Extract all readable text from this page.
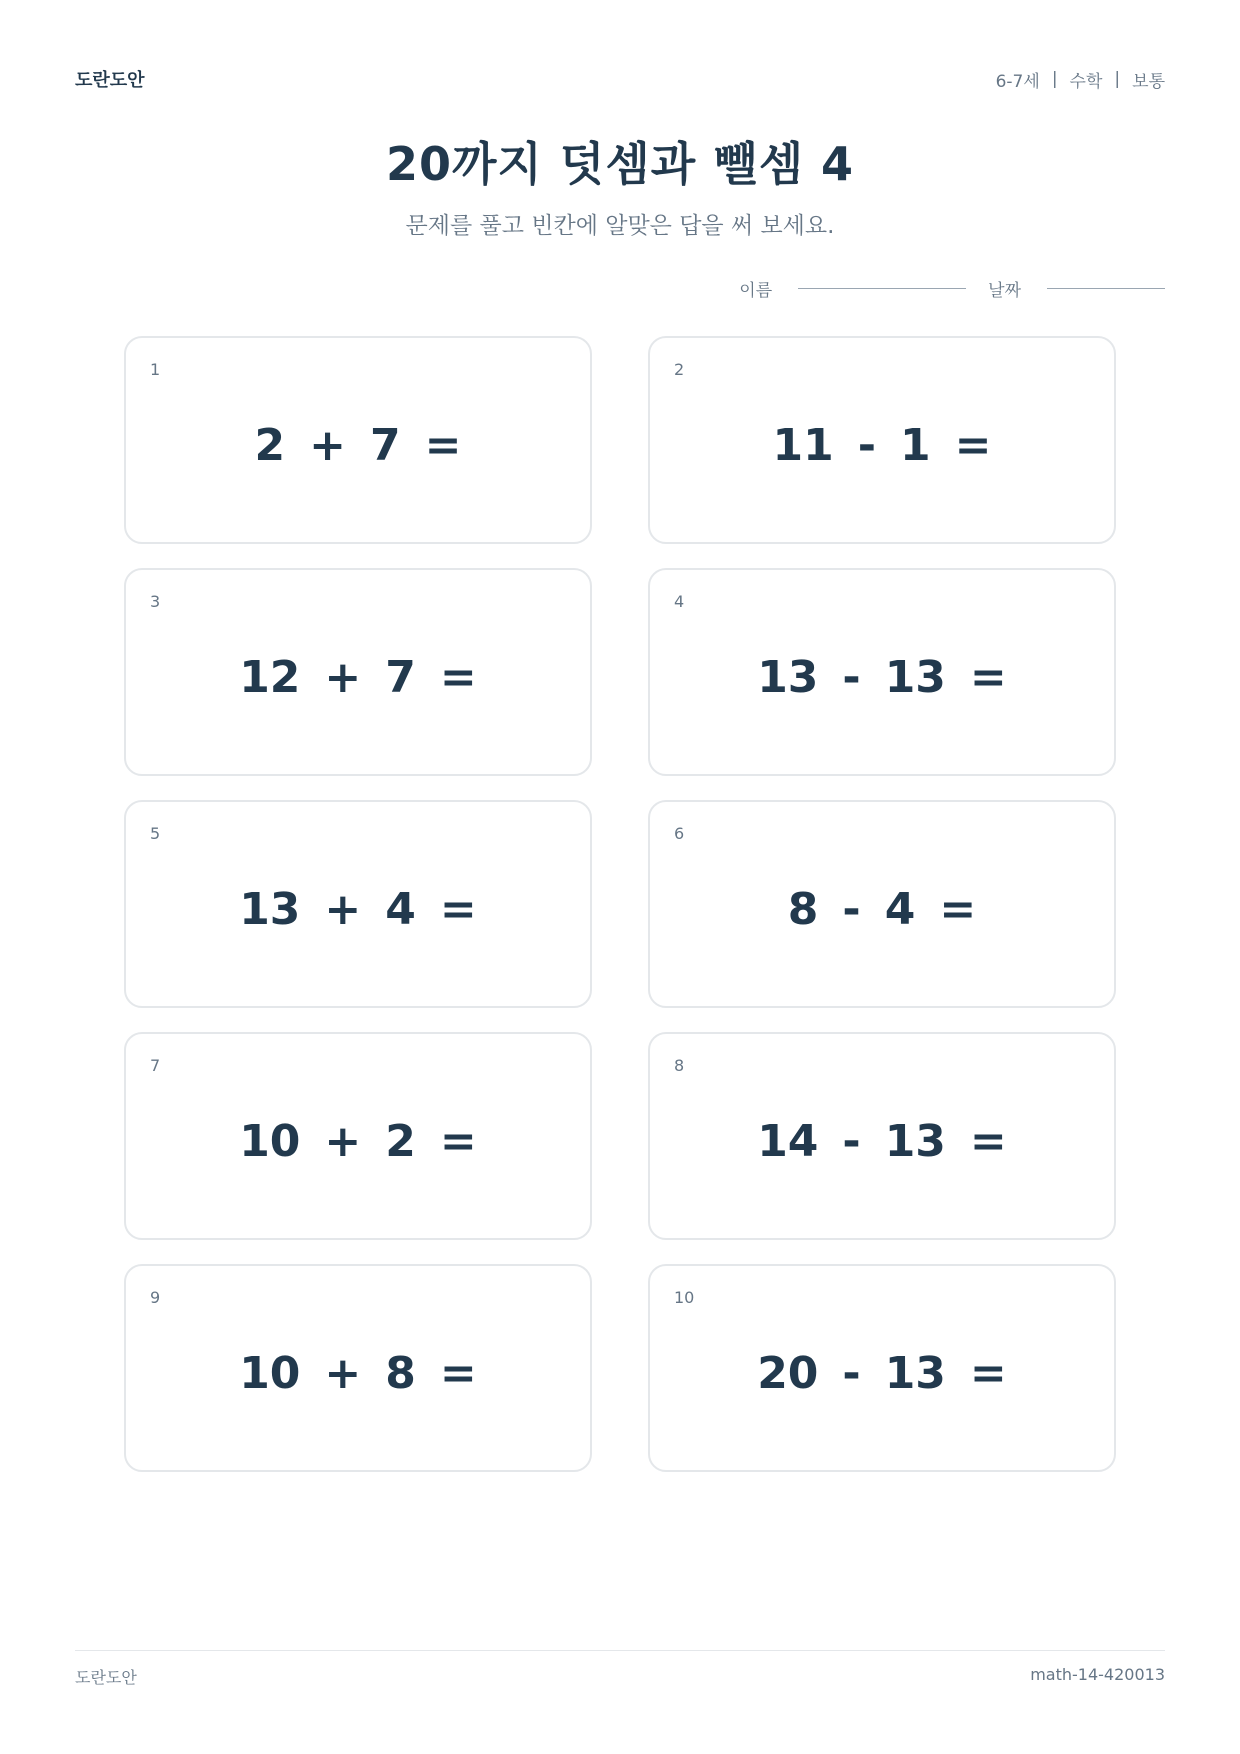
도란도안	6-7세 | 수학 | 보통
20까지 덧셈과 뺄셈 4
문제를 풀고 빈칸에 알맞은 답을 써 보세요.
이름	날짜
1
2 + 7 =
2
11 - 1 =
3
12 + 7 =
4
13 - 13 =
5
13 + 4 =
6
8 - 4 =
7
10 + 2 =
8
14 - 13 =
9
10 + 8 =
10
20 - 13 =
도란도안	math-14-420013
